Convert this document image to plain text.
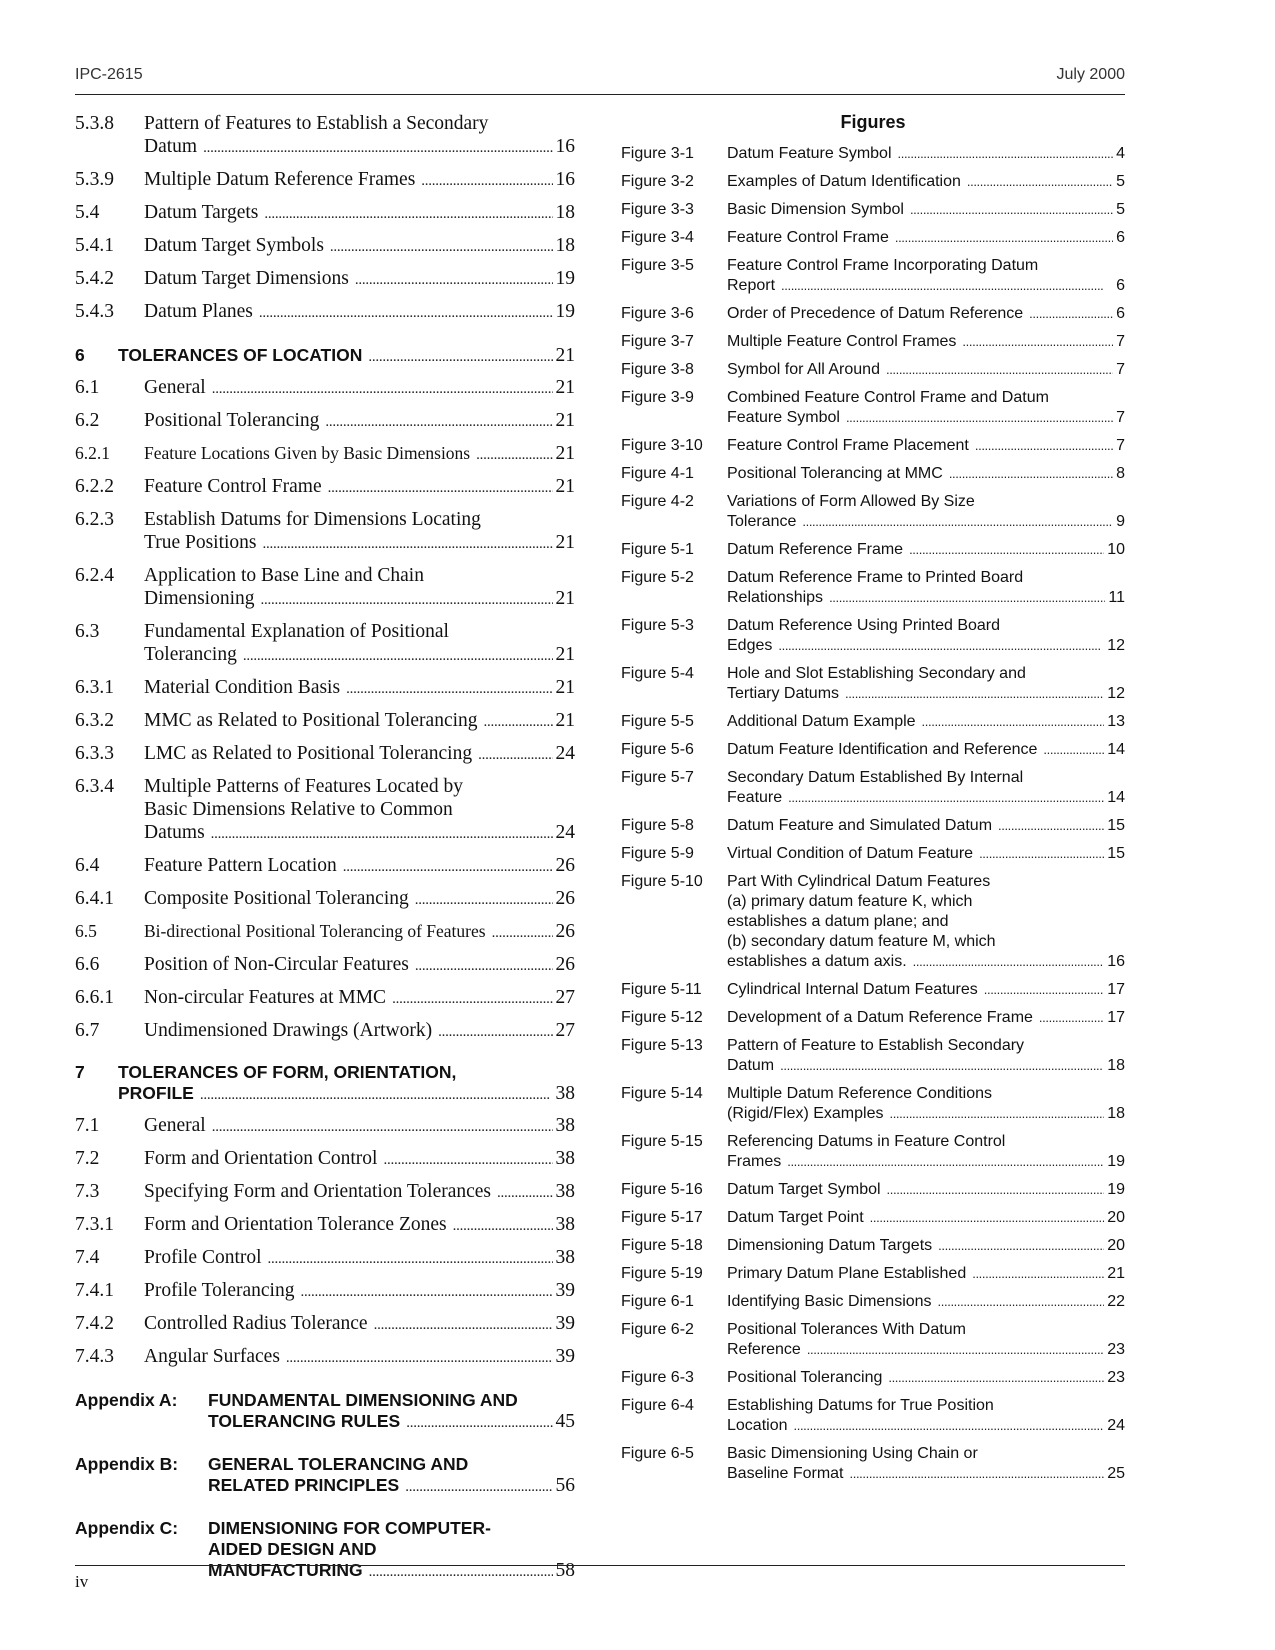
IPC-2615	July 2000
5.3.8 Pattern of Features to Establish a Secondary
Datum . . .	16
5.3.9 Multiple Datum Reference Frames . . .	16
5.4 Datum Targets . . .	18
5.4.1 Datum Target Symbols . . .	18
5.4.2 Datum Target Dimensions . . .	19
5.4.3 Datum Planes . . .	19
6 TOLERANCES OF LOCATION . . .	21
6.1 General . . .	21
6.2 Positional Tolerancing . . .	21
6.2.1 Feature Locations Given by Basic Dimensions . . .	21
6.2.2 Feature Control Frame . . .	21
6.2.3 Establish Datums for Dimensions Locating
True Positions . . .	21
6.2.4 Application to Base Line and Chain
Dimensioning . . .	21
6.3 Fundamental Explanation of Positional
Tolerancing . . .	21
6.3.1 Material Condition Basis . . .	21
6.3.2 MMC as Related to Positional Tolerancing . . .	21
6.3.3 LMC as Related to Positional Tolerancing . . .	24
6.3.4 Multiple Patterns of Features Located by
Basic Dimensions Relative to Common
Datums . . .	24
6.4 Feature Pattern Location . . .	26
6.4.1 Composite Positional Tolerancing . . .	26
6.5	Bi-directional Positional Tolerancing of Features . . .	26
6.6 Position of Non-Circular Features . . .	26
6.6.1 Non-circular Features at MMC . . .	27
6.7 Undimensioned Drawings (Artwork) . . .	27
7 TOLERANCES OF FORM, ORIENTATION,
PROFILE . . .	38
7.1 General . . .	38
7.2 Form and Orientation Control . . .	38
7.3 Specifying Form and Orientation Tolerances . . .	38
7.3.1 Form and Orientation Tolerance Zones . . .	38
7.4 Profile Control . . .	38
7.4.1 Profile Tolerancing . . .	39
7.4.2 Controlled Radius Tolerance . . .	39
7.4.3 Angular Surfaces . . .	39
Appendix A: FUNDAMENTAL DIMENSIONING AND
TOLERANCING RULES . . .	45
Appendix B: GENERAL TOLERANCING AND
RELATED PRINCIPLES . . .	56
Appendix C: DIMENSIONING FOR COMPUTER-
AIDED DESIGN AND
MANUFACTURING . . .	58
Figures
Figure 3-1 Datum Feature Symbol . . .	4
Figure 3-2 Examples of Datum Identification . . .	5
Figure 3-3 Basic Dimension Symbol . . .	5
Figure 3-4 Feature Control Frame . . .	6
Figure 3-5 Feature Control Frame Incorporating Datum
Report . . .	6
Figure 3-6 Order of Precedence of Datum Reference . . .	6
Figure 3-7 Multiple Feature Control Frames . . .	7
Figure 3-8 Symbol for All Around . . .	7
Figure 3-9 Combined Feature Control Frame and Datum
Feature Symbol . . .	7
Figure 3-10 Feature Control Frame Placement . . .	7
Figure 4-1 Positional Tolerancing at MMC . . .	8
Figure 4-2 Variations of Form Allowed By Size
Tolerance . . .	9
Figure 5-1 Datum Reference Frame . . .	10
Figure 5-2 Datum Reference Frame to Printed Board
Relationships . . .	11
Figure 5-3 Datum Reference Using Printed Board
Edges . . .	12
Figure 5-4 Hole and Slot Establishing Secondary and
Tertiary Datums . . .	12
Figure 5-5 Additional Datum Example . . .	13
Figure 5-6 Datum Feature Identification and Reference . . .	14
Figure 5-7 Secondary Datum Established By Internal
Feature . . .	14
Figure 5-8 Datum Feature and Simulated Datum . . .	15
Figure 5-9 Virtual Condition of Datum Feature . . .	15
Figure 5-10 Part With Cylindrical Datum Features
(a) primary datum feature K, which
establishes a datum plane; and
(b) secondary datum feature M, which
establishes a datum axis. . . .	16
Figure 5-11 Cylindrical Internal Datum Features . . .	17
Figure 5-12 Development of a Datum Reference Frame . . .	17
Figure 5-13 Pattern of Feature to Establish Secondary
Datum . . .	18
Figure 5-14 Multiple Datum Reference Conditions
(Rigid/Flex) Examples . . .	18
Figure 5-15 Referencing Datums in Feature Control
Frames . . .	19
Figure 5-16 Datum Target Symbol . . .	19
Figure 5-17 Datum Target Point . . .	20
Figure 5-18 Dimensioning Datum Targets . . .	20
Figure 5-19 Primary Datum Plane Established . . .	21
Figure 6-1 Identifying Basic Dimensions . . .	22
Figure 6-2 Positional Tolerances With Datum
Reference . . .	23
Figure 6-3 Positional Tolerancing . . .	23
Figure 6-4 Establishing Datums for True Position
Location . . .	24
Figure 6-5 Basic Dimensioning Using Chain or
Baseline Format . . .	25
iv
